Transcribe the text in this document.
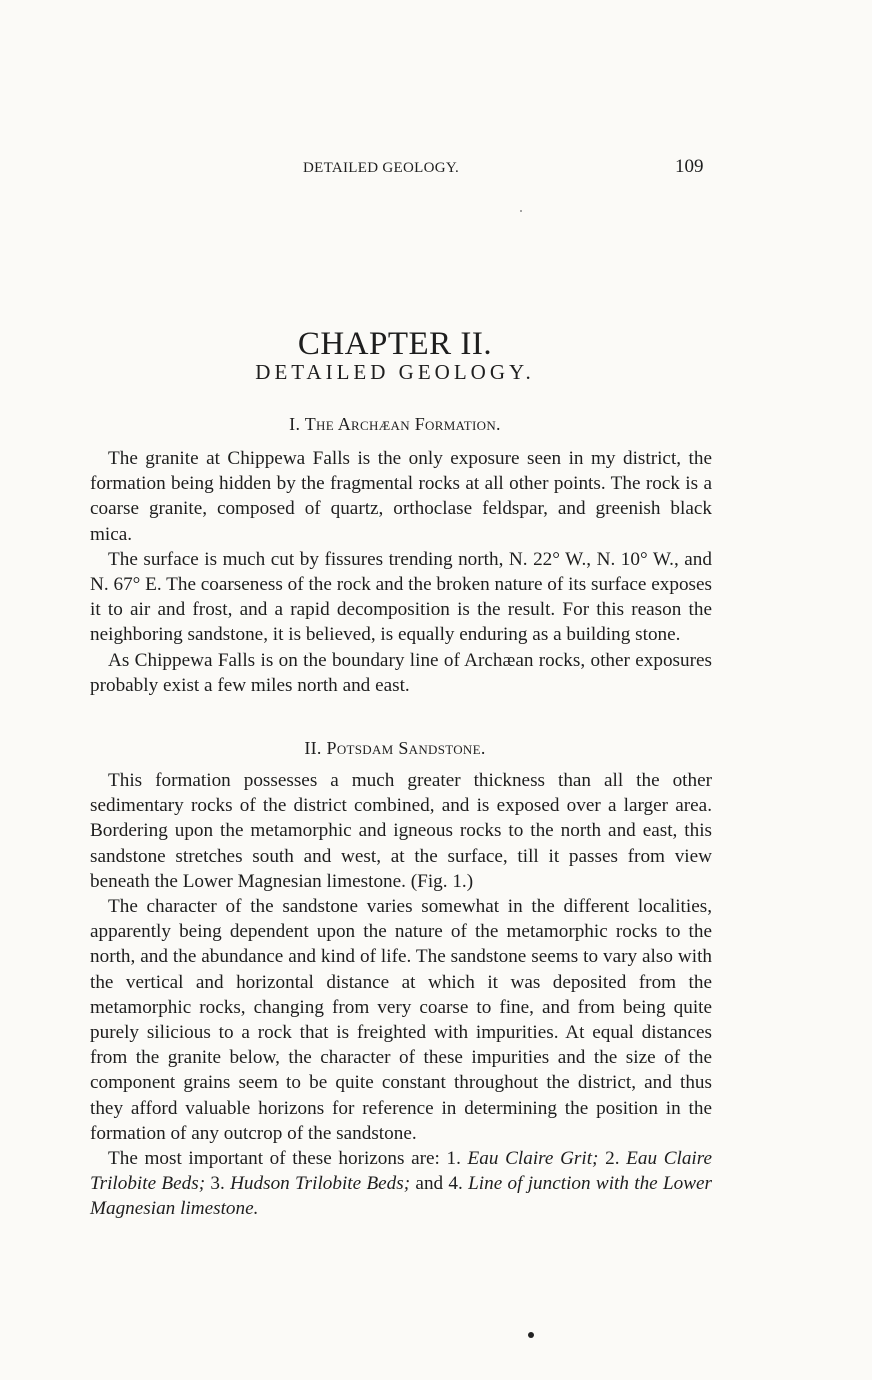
DETAILED GEOLOGY.	109
CHAPTER II.
DETAILED GEOLOGY.
I. The Archæan Formation.

The granite at Chippewa Falls is the only exposure seen in my district, the formation being hidden by the fragmental rocks at all other points. The rock is a coarse granite, composed of quartz, orthoclase feldspar, and greenish black mica.

The surface is much cut by fissures trending north, N. 22° W., N. 10° W., and N. 67° E. The coarseness of the rock and the broken nature of its surface exposes it to air and frost, and a rapid decomposition is the result. For this reason the neighboring sandstone, it is believed, is equally enduring as a building stone.

As Chippewa Falls is on the boundary line of Archæan rocks, other exposures probably exist a few miles north and east.

II. Potsdam Sandstone.

This formation possesses a much greater thickness than all the other sedimentary rocks of the district combined, and is exposed over a larger area. Bordering upon the metamorphic and igneous rocks to the north and east, this sandstone stretches south and west, at the surface, till it passes from view beneath the Lower Magnesian limestone. (Fig. 1.)

The character of the sandstone varies somewhat in the different localities, apparently being dependent upon the nature of the metamorphic rocks to the north, and the abundance and kind of life. The sandstone seems to vary also with the vertical and horizontal distance at which it was deposited from the metamorphic rocks, changing from very coarse to fine, and from being quite purely silicious to a rock that is freighted with impurities. At equal distances from the granite below, the character of these impurities and the size of the component grains seem to be quite constant throughout the district, and thus they afford valuable horizons for reference in determining the position in the formation of any outcrop of the sandstone.

The most important of these horizons are: 1. Eau Claire Grit; 2. Eau Claire Trilobite Beds; 3. Hudson Trilobite Beds; and 4. Line of junction with the Lower Magnesian limestone.
